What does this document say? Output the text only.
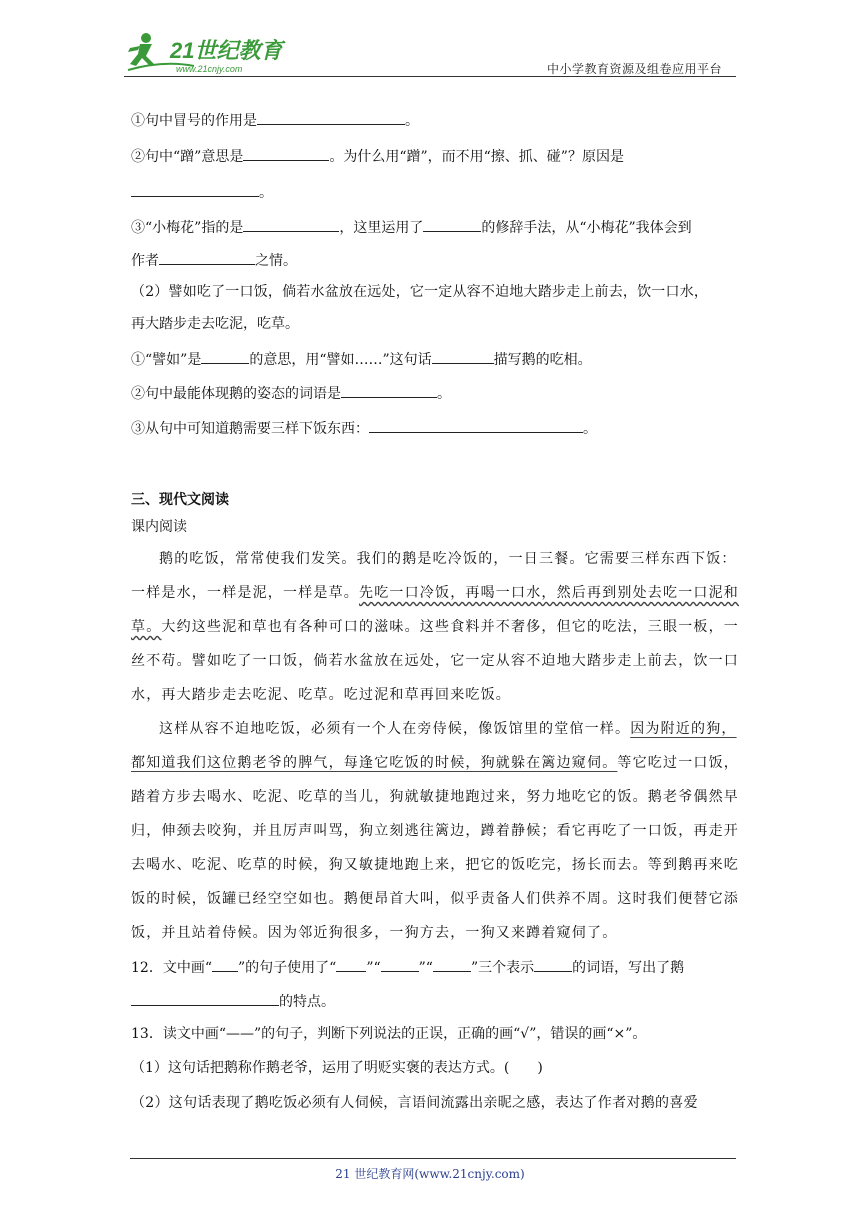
21世纪教育
www.21cnjy.com	中小学教育资源及组卷应用平台
①句中冒号的作用是	。
②句中“蹭”意思是	。为什么用“蹭”，而不用“擦、抓、碰”？原因是
。
③“小梅花”指的是	，这里运用了	的修辞手法，从“小梅花”我体会到
作者	之情。
（2）譬如吃了一口饭，倘若水盆放在远处，它一定从容不迫地大踏步走上前去，饮一口水，
再大踏步走去吃泥，吃草。
①“譬如”是	的意思，用“譬如……”这句话	描写鹅的吃相。
②句中最能体现鹅的姿态的词语是	。
③从句中可知道鹅需要三样下饭东西：	。
三、现代文阅读
课内阅读
鹅的吃饭，常常使我们发笑。我们的鹅是吃冷饭的，一日三餐。它需要三样东西下饭：
一样是水，一样是泥，一样是草。先吃一口冷饭，再喝一口水，然后再到别处去吃一口泥和
草。大约这些泥和草也有各种可口的滋味。这些食料并不奢侈，但它的吃法，三眼一板，一
丝不苟。譬如吃了一口饭，倘若水盆放在远处，它一定从容不迫地大踏步走上前去，饮一口
水，再大踏步走去吃泥、吃草。吃过泥和草再回来吃饭。
这样从容不迫地吃饭，必须有一个人在旁侍候，像饭馆里的堂倌一样。因为附近的狗，
都知道我们这位鹅老爷的脾气，每逢它吃饭的时候，狗就躲在篱边窥伺。等它吃过一口饭，
踏着方步去喝水、吃泥、吃草的当儿，狗就敏捷地跑过来，努力地吃它的饭。鹅老爷偶然早
归，伸颈去咬狗，并且厉声叫骂，狗立刻逃往篱边，蹲着静候；看它再吃了一口饭，再走开
去喝水、吃泥、吃草的时候，狗又敏捷地跑上来，把它的饭吃完，扬长而去。等到鹅再来吃
饭的时候，饭罐已经空空如也。鹅便昂首大叫，似乎责备人们供养不周。这时我们便替它添
饭，并且站着侍候。因为邻近狗很多，一狗方去，一狗又来蹲着窥伺了。
12．文中画“ ”的句子使用了“ ”“	”“	”三个表示	的词语，写出了鹅
的特点。
13．读文中画“——”的句子，判断下列说法的正误，正确的画“√”，错误的画“×”。
（1）这句话把鹅称作鹅老爷，运用了明贬实褒的表达方式。(　　)
（2）这句话表现了鹅吃饭必须有人伺候，言语间流露出亲昵之感，表达了作者对鹅的喜爱
21 世纪教育网(www.21cnjy.com)
